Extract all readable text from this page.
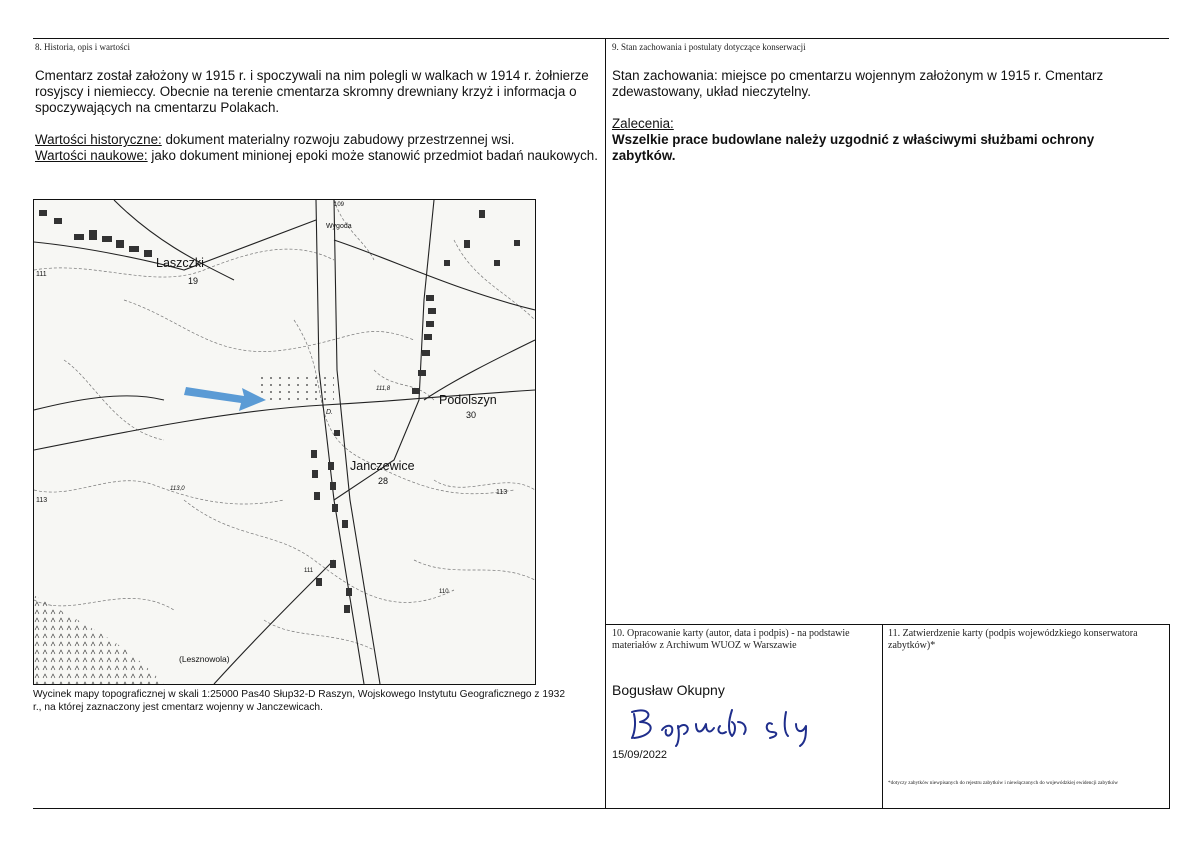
8. Historia, opis i wartości

Cmentarz został założony w 1915 r. i spoczywali na nim polegli w walkach w 1914 r. żołnierze rosyjscy i niemieccy. Obecnie na terenie cmentarza skromny drewniany krzyż i informacja o spoczywających na cmentarzu Polakach.

Wartości historyczne: dokument materialny rozwoju zabudowy przestrzennej wsi.

Wartości naukowe: jako dokument minionej epoki może stanowić przedmiot badań naukowych.

Laszczki
19
Wygoda
Podolszyn
30
Janczewice
28
(Lesznowola)
D.
111
111,8
113
113
113,0
111
110
109
Wycinek mapy topograficznej w skali 1:25000 Pas40 Słup32-D Raszyn, Wojskowego Instytutu Geograficznego z 1932 r., na której zaznaczony jest cmentarz wojenny w Janczewicach.
9. Stan zachowania i postulaty dotyczące konserwacji

Stan zachowania: miejsce po cmentarzu wojennym założonym w 1915 r. Cmentarz zdewastowany, układ nieczytelny.

Zalecenia:

Wszelkie prace budowlane należy uzgodnić z właściwymi służbami ochrony zabytków.

10. Opracowanie karty (autor, data i podpis) - na podstawie materiałów z Archiwum WUOZ w Warszawie
Bogusław Okupny
15/09/2022
11. Zatwierdzenie karty (podpis wojewódzkiego konserwatora zabytków)*
*dotyczy zabytków niewpisanych do rejestru zabytków i niewłączonych do wojewódzkiej ewidencji zabytków
